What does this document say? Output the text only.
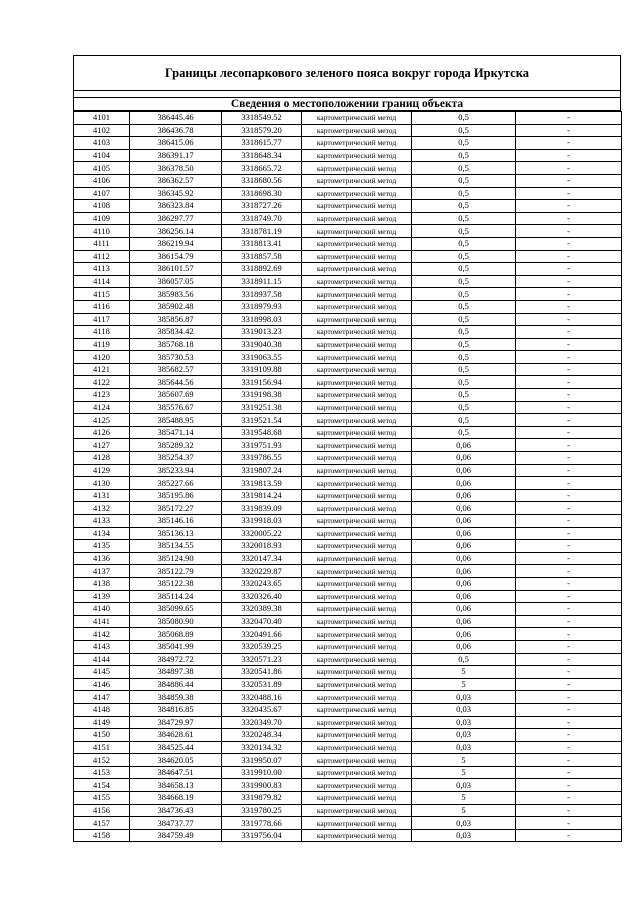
Границы лесопаркового зеленого пояса вокруг города Иркутска
Сведения о местоположении границ объекта
4101	386445.46	3318549.52	картометрический метод	0,5	-
4102	386436.78	3318579.20	картометрический метод	0,5	-
4103	386415.06	3318615.77	картометрический метод	0,5	-
4104	386391.17	3318648.34	картометрический метод	0,5	-
4105	386378.50	3318665.72	картометрический метод	0,5	-
4106	386362.57	3318680.56	картометрический метод	0,5	-
4107	386345.92	3318698.30	картометрический метод	0,5	-
4108	386323.84	3318727.26	картометрический метод	0,5	-
4109	386297.77	3318749.70	картометрический метод	0,5	-
4110	386256.14	3318781.19	картометрический метод	0,5	-
4111	386219.94	3318813.41	картометрический метод	0,5	-
4112	386154.79	3318857.58	картометрический метод	0,5	-
4113	386101.57	3318892.69	картометрический метод	0,5	-
4114	386057.05	3318911.15	картометрический метод	0,5	-
4115	385983.56	3318937.58	картометрический метод	0,5	-
4116	385902.48	3318979.93	картометрический метод	0,5	-
4117	385856.87	3318998.03	картометрический метод	0,5	-
4118	385834.42	3319013.23	картометрический метод	0,5	-
4119	385768.18	3319040.38	картометрический метод	0,5	-
4120	385730.53	3319063.55	картометрический метод	0,5	-
4121	385682.57	3319109.88	картометрический метод	0,5	-
4122	385644.56	3319156.94	картометрический метод	0,5	-
4123	385607.69	3319198.38	картометрический метод	0,5	-
4124	385576.67	3319251.38	картометрический метод	0,5	-
4125	385488.95	3319521.54	картометрический метод	0,5	-
4126	385471.14	3319548.68	картометрический метод	0,5	-
4127	385289.32	3319751.93	картометрический метод	0,06	-
4128	385254.37	3319786.55	картометрический метод	0,06	-
4129	385233.94	3319807.24	картометрический метод	0,06	-
4130	385227.66	3319813.59	картометрический метод	0,06	-
4131	385195.86	3319814.24	картометрический метод	0,06	-
4132	385172.27	3319839.09	картометрический метод	0,06	-
4133	385146.16	3319918.03	картометрический метод	0,06	-
4134	385136.13	3320005.22	картометрический метод	0,06	-
4135	385134.55	3320018.93	картометрический метод	0,06	-
4136	385124.90	3320147.34	картометрический метод	0,06	-
4137	385122.79	3320229.87	картометрический метод	0,06	-
4138	385122.38	3320243.65	картометрический метод	0,06	-
4139	385114.24	3320326.40	картометрический метод	0,06	-
4140	385099.65	3320389.38	картометрический метод	0,06	-
4141	385080.90	3320470.40	картометрический метод	0,06	-
4142	385068.89	3320491.66	картометрический метод	0,06	-
4143	385041.99	3320539.25	картометрический метод	0,06	-
4144	384972.72	3320571.23	картометрический метод	0,5	-
4145	384897.38	3320541.86	картометрический метод	5	-
4146	384886.44	3320531.89	картометрический метод	5	-
4147	384859.38	3320488.16	картометрический метод	0,03	-
4148	384816.85	3320435.67	картометрический метод	0,03	-
4149	384729.97	3320349.70	картометрический метод	0,03	-
4150	384628.61	3320248.34	картометрический метод	0,03	-
4151	384525.44	3320134.32	картометрический метод	0,03	-
4152	384620.05	3319950.07	картометрический метод	5	-
4153	384647.51	3319910.00	картометрический метод	5	-
4154	384658.13	3319900.83	картометрический метод	0,03	-
4155	384668.19	3319879.82	картометрический метод	5	-
4156	384736.43	3319780.25	картометрический метод	5	-
4157	384737.77	3319778.66	картометрический метод	0,03	-
4158	384759.49	3319756.04	картометрический метод	0,03	-
